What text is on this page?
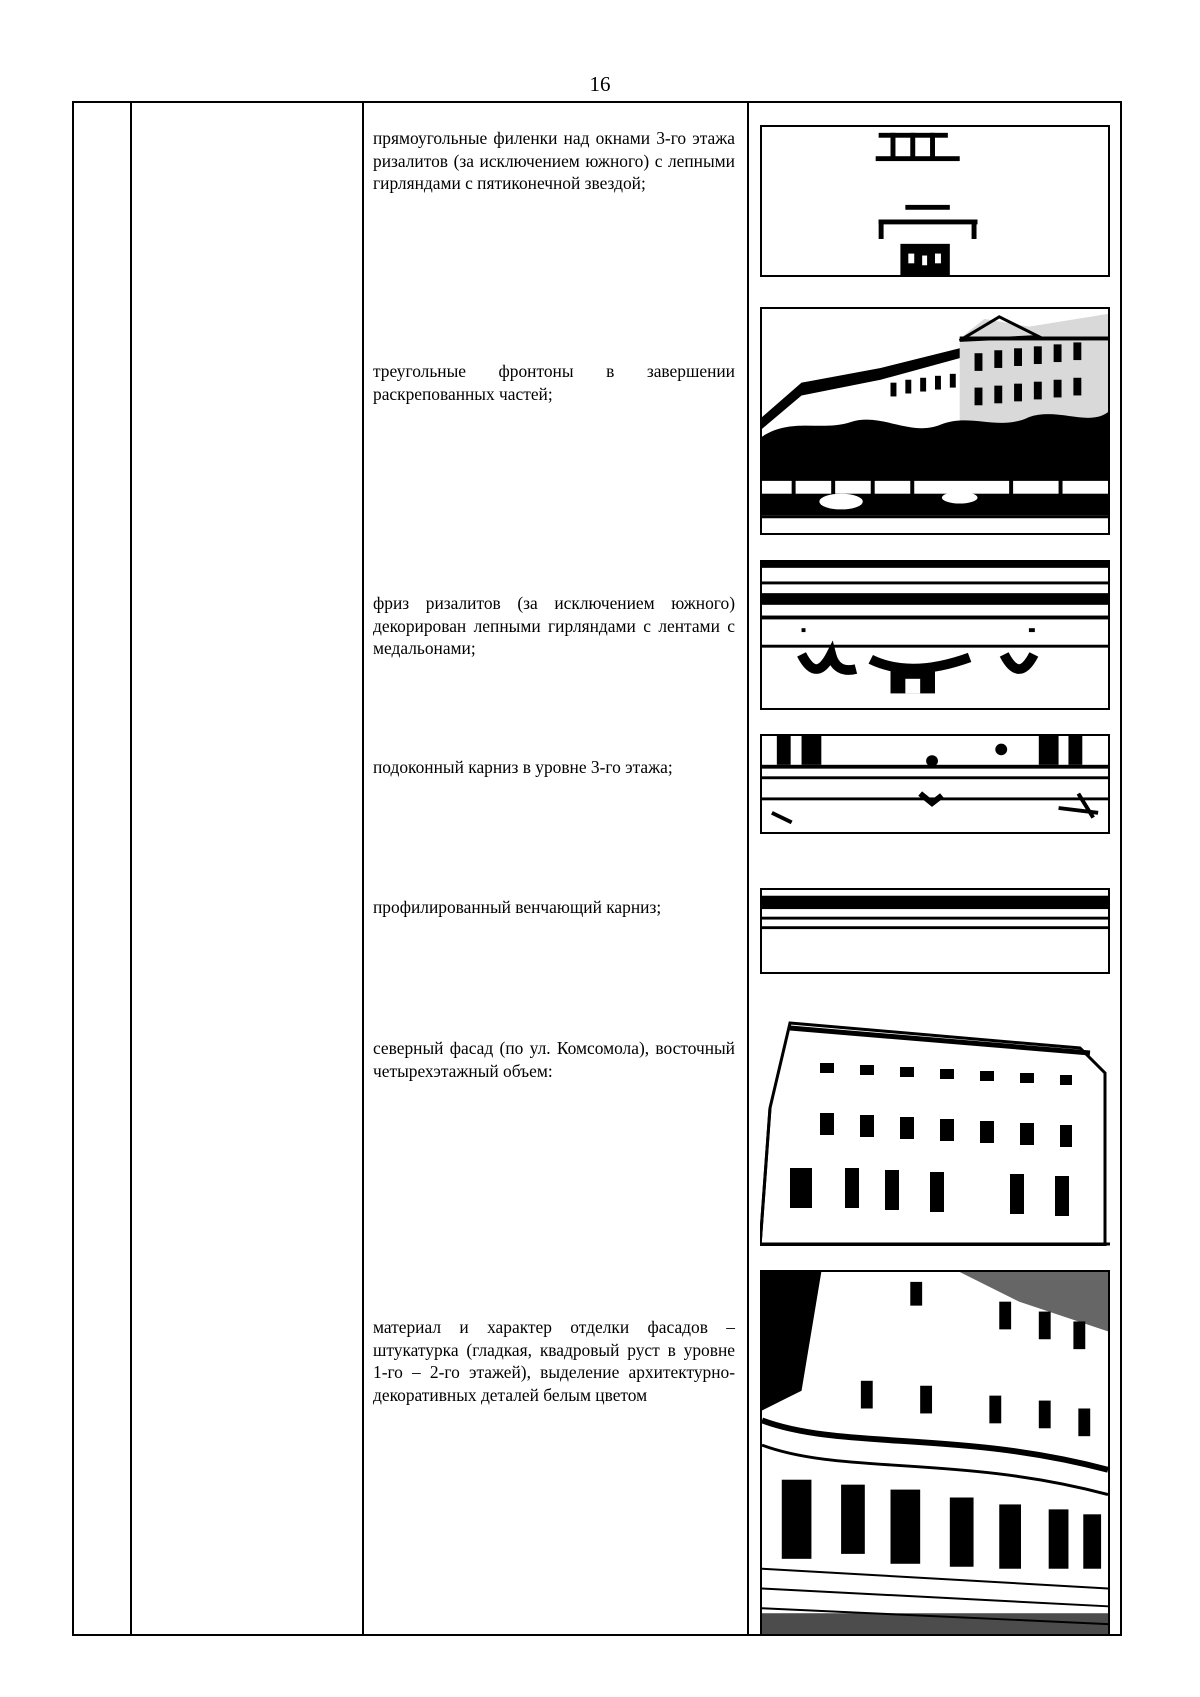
16
прямоугольные филенки над окнами 3-го этажа ризалитов (за исключением южного) с лепными гирляндами с пятиконечной звездой;
треугольные фронтоны в завершении раскрепованных частей;
фриз ризалитов (за исключением южного) декорирован лепными гирляндами с лентами с медальонами;
подоконный карниз в уровне 3-го этажа;
профилированный венчающий карниз;
северный фасад (по ул. Комсомола), восточный четырехэтажный объем:
материал и характер отделки фасадов – штукатурка (гладкая, квадровый руст в уровне 1-го – 2-го этажей), выделение архитектурно-декоративных деталей белым цветом
